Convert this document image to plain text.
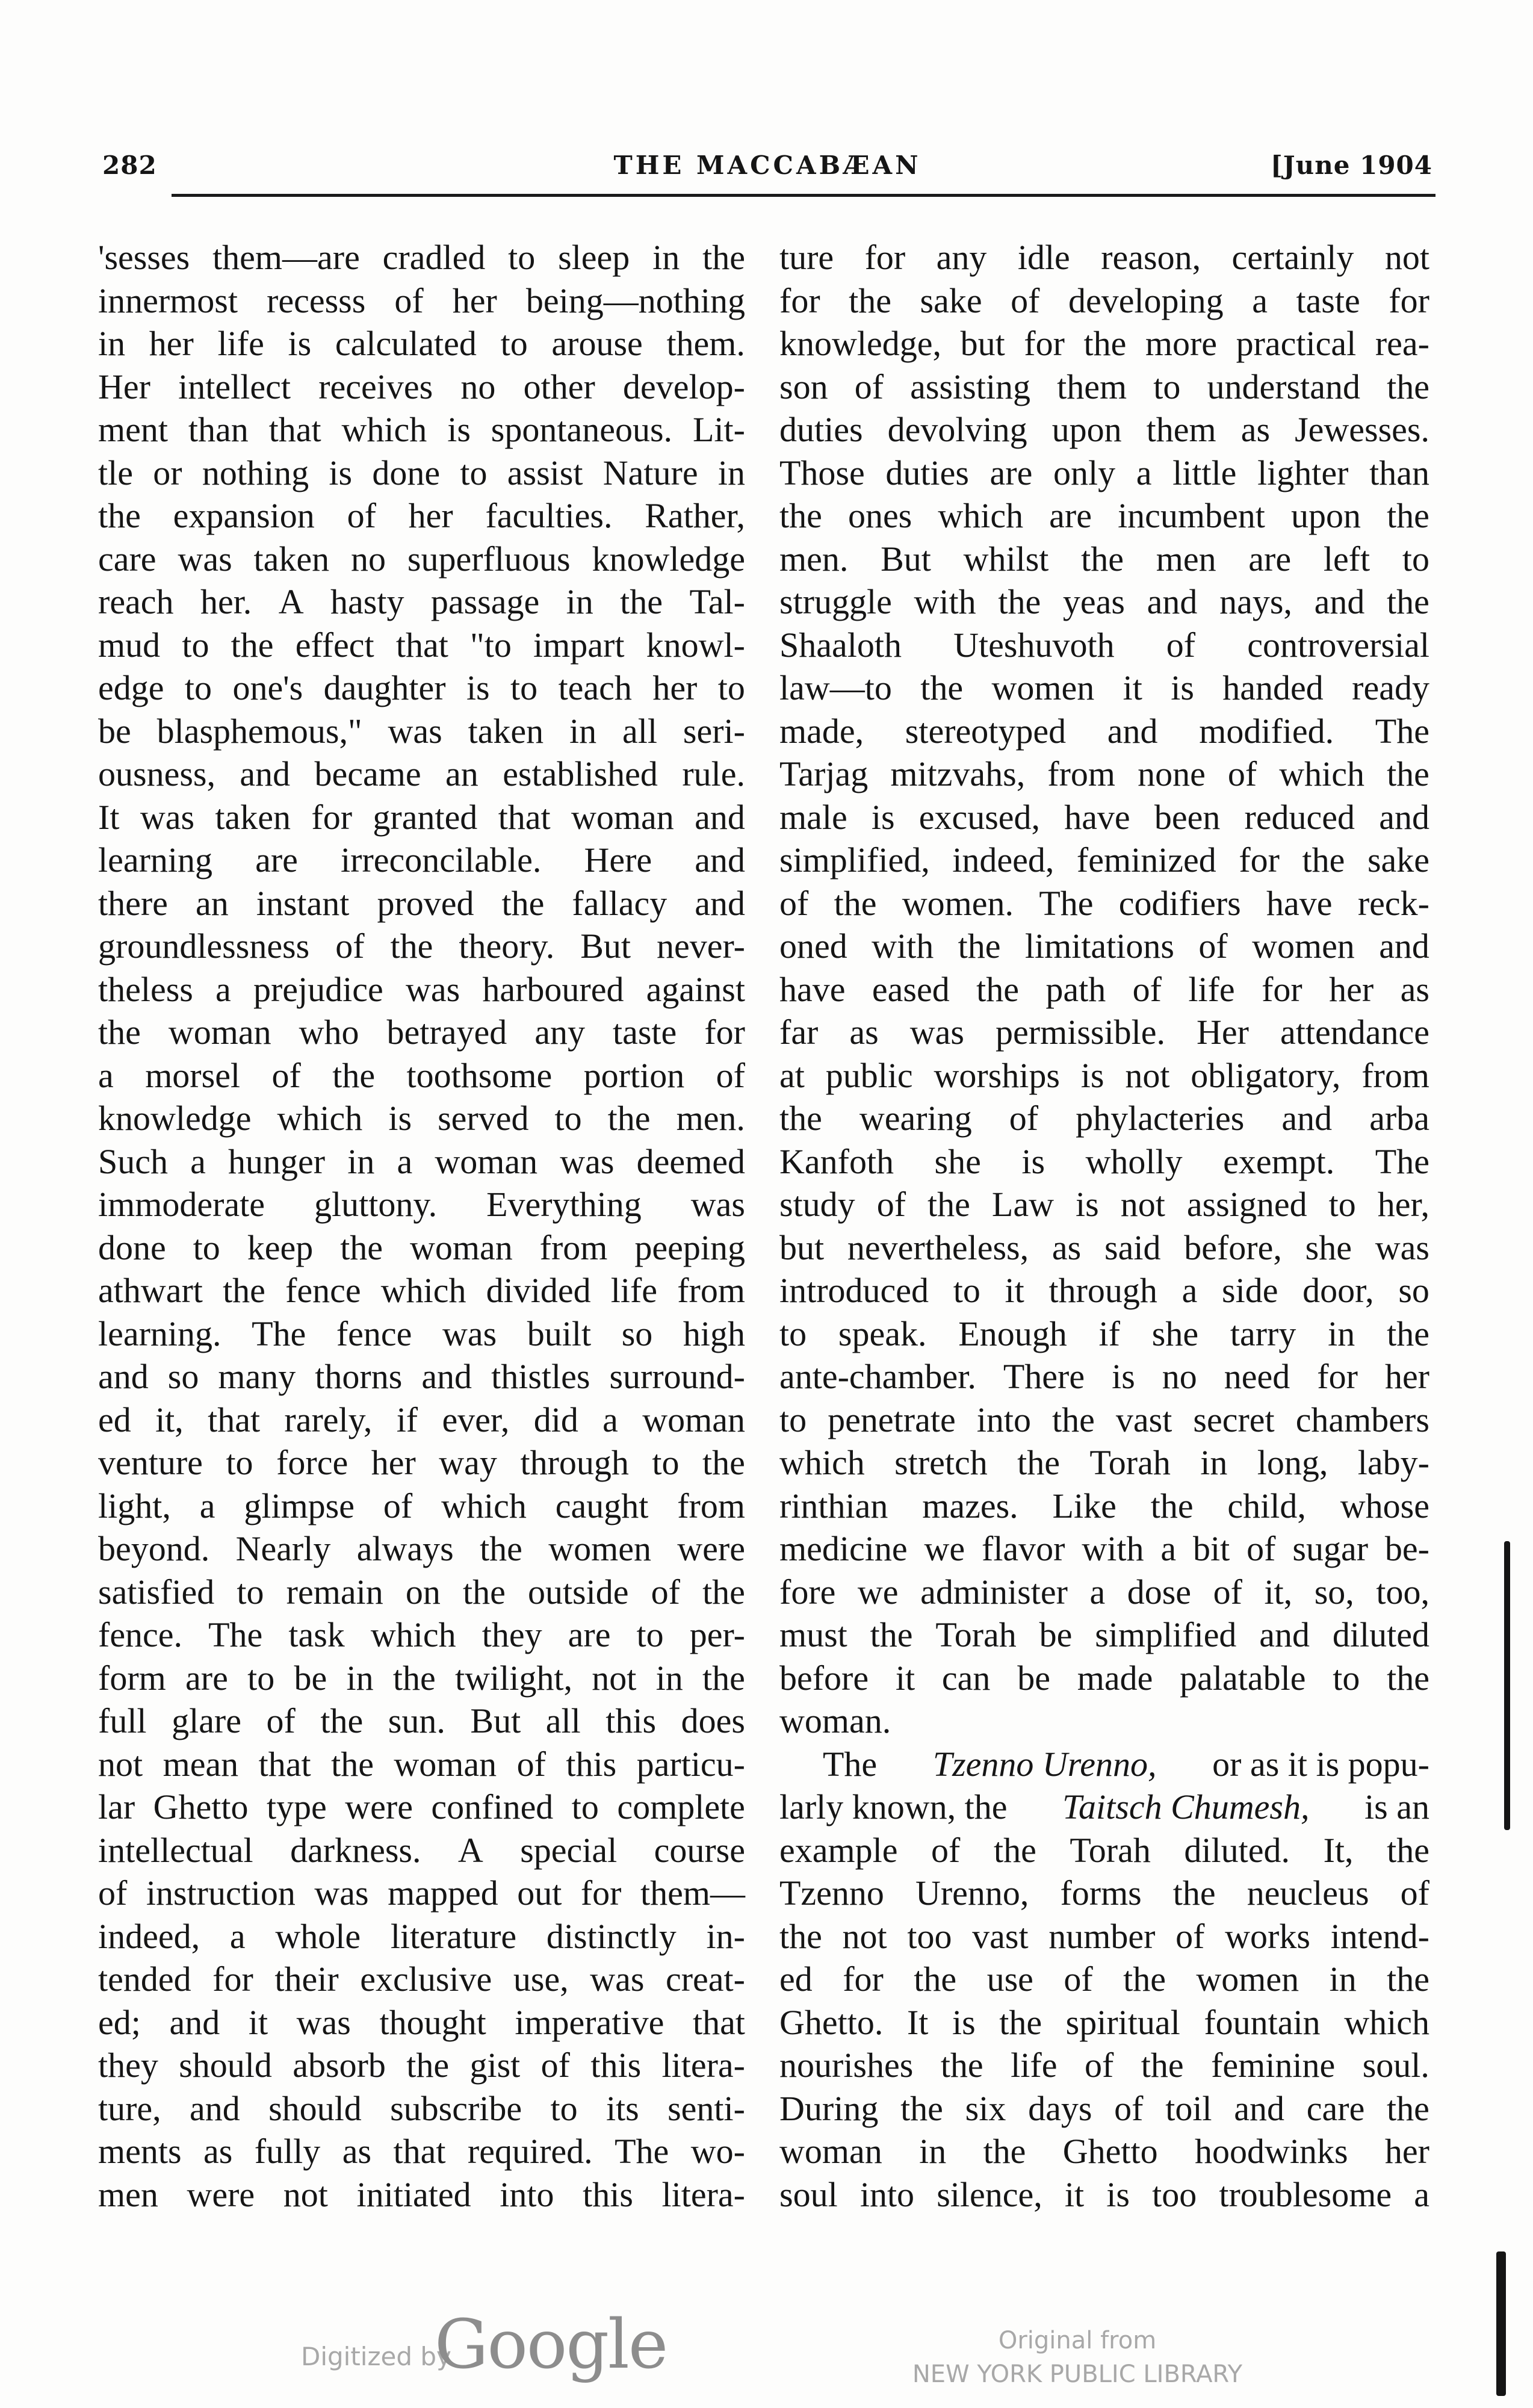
282	THE MACCABÆAN	[June 1904
'sesses them—are cradled to sleep in the
innermost recesss of her being—nothing
in her life is calculated to arouse them.
Her intellect receives no other develop-
ment than that which is spontaneous. Lit-
tle or nothing is done to assist Nature in
the expansion of her faculties. Rather,
care was taken no superfluous knowledge
reach her. A hasty passage in the Tal-
mud to the effect that "to impart knowl-
edge to one's daughter is to teach her to
be blasphemous," was taken in all seri-
ousness, and became an established rule.
It was taken for granted that woman and
learning are irreconcilable. Here and
there an instant proved the fallacy and
groundlessness of the theory. But never-
theless a prejudice was harboured against
the woman who betrayed any taste for
a morsel of the toothsome portion of
knowledge which is served to the men.
Such a hunger in a woman was deemed
immoderate gluttony. Everything was
done to keep the woman from peeping
athwart the fence which divided life from
learning. The fence was built so high
and so many thorns and thistles surround-
ed it, that rarely, if ever, did a woman
venture to force her way through to the
light, a glimpse of which caught from
beyond. Nearly always the women were
satisfied to remain on the outside of the
fence. The task which they are to per-
form are to be in the twilight, not in the
full glare of the sun. But all this does
not mean that the woman of this particu-
lar Ghetto type were confined to complete
intellectual darkness. A special course
of instruction was mapped out for them—
indeed, a whole literature distinctly in-
tended for their exclusive use, was creat-
ed; and it was thought imperative that
they should absorb the gist of this litera-
ture, and should subscribe to its senti-
ments as fully as that required. The wo-
men were not initiated into this litera-
ture for any idle reason, certainly not
for the sake of developing a taste for
knowledge, but for the more practical rea-
son of assisting them to understand the
duties devolving upon them as Jewesses.
Those duties are only a little lighter than
the ones which are incumbent upon the
men. But whilst the men are left to
struggle with the yeas and nays, and the
Shaaloth Uteshuvoth of controversial
law—to the women it is handed ready
made, stereotyped and modified. The
Tarjag mitzvahs, from none of which the
male is excused, have been reduced and
simplified, indeed, feminized for the sake
of the women. The codifiers have reck-
oned with the limitations of women and
have eased the path of life for her as
far as was permissible. Her attendance
at public worships is not obligatory, from
the wearing of phylacteries and arba
Kanfoth she is wholly exempt. The
study of the Law is not assigned to her,
but nevertheless, as said before, she was
introduced to it through a side door, so
to speak. Enough if she tarry in the
ante-chamber. There is no need for her
to penetrate into the vast secret chambers
which stretch the Torah in long, laby-
rinthian mazes. Like the child, whose
medicine we flavor with a bit of sugar be-
fore we administer a dose of it, so, too,
must the Torah be simplified and diluted
before it can be made palatable to the
woman.
The Tzenno Urenno, or as it is popu-
larly known, the Taitsch Chumesh, is an
example of the Torah diluted. It, the
Tzenno Urenno, forms the neucleus of
the not too vast number of works intend-
ed for the use of the women in the
Ghetto. It is the spiritual fountain which
nourishes the life of the feminine soul.
During the six days of toil and care the
woman in the Ghetto hoodwinks her
soul into silence, it is too troublesome a
Digitized by
Google	Original from
NEW YORK PUBLIC LIBRARY
